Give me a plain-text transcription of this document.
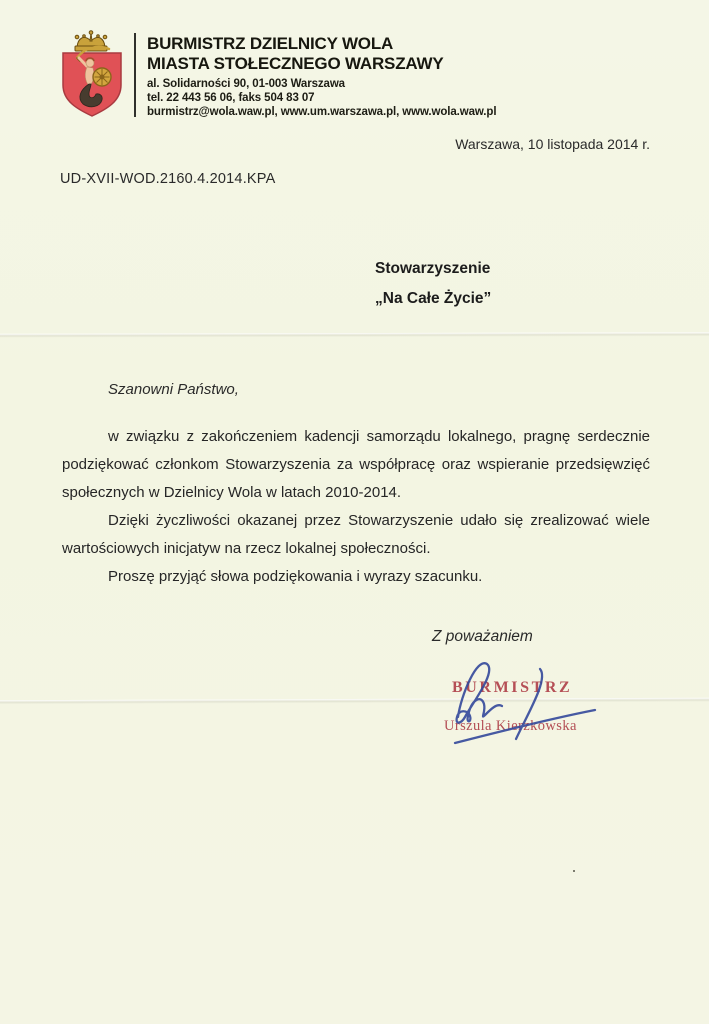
BURMISTRZ DZIELNICY WOLA
MIASTA STOŁECZNEGO WARSZAWY
al. Solidarności 90, 01-003 Warszawa
tel. 22 443 56 06, faks 504 83 07
burmistrz@wola.waw.pl, www.um.warszawa.pl, www.wola.waw.pl
Warszawa, 10 listopada 2014 r.
UD-XVII-WOD.2160.4.2014.KPA
Stowarzyszenie
„Na Całe Życie”
Szanowni Państwo,

w związku z zakończeniem kadencji samorządu lokalnego, pragnę serdecznie podziękować członkom Stowarzyszenia za współpracę oraz wspieranie przedsięwzięć społecznych w Dzielnicy Wola w latach 2010-2014.

Dzięki życzliwości okazanej przez Stowarzyszenie udało się zrealizować wiele wartościowych inicjatyw na rzecz lokalnej społeczności.

Proszę przyjąć słowa podziękowania i wyrazy szacunku.

Z poważaniem
BURMISTRZ
Urszula Kierzkowska
